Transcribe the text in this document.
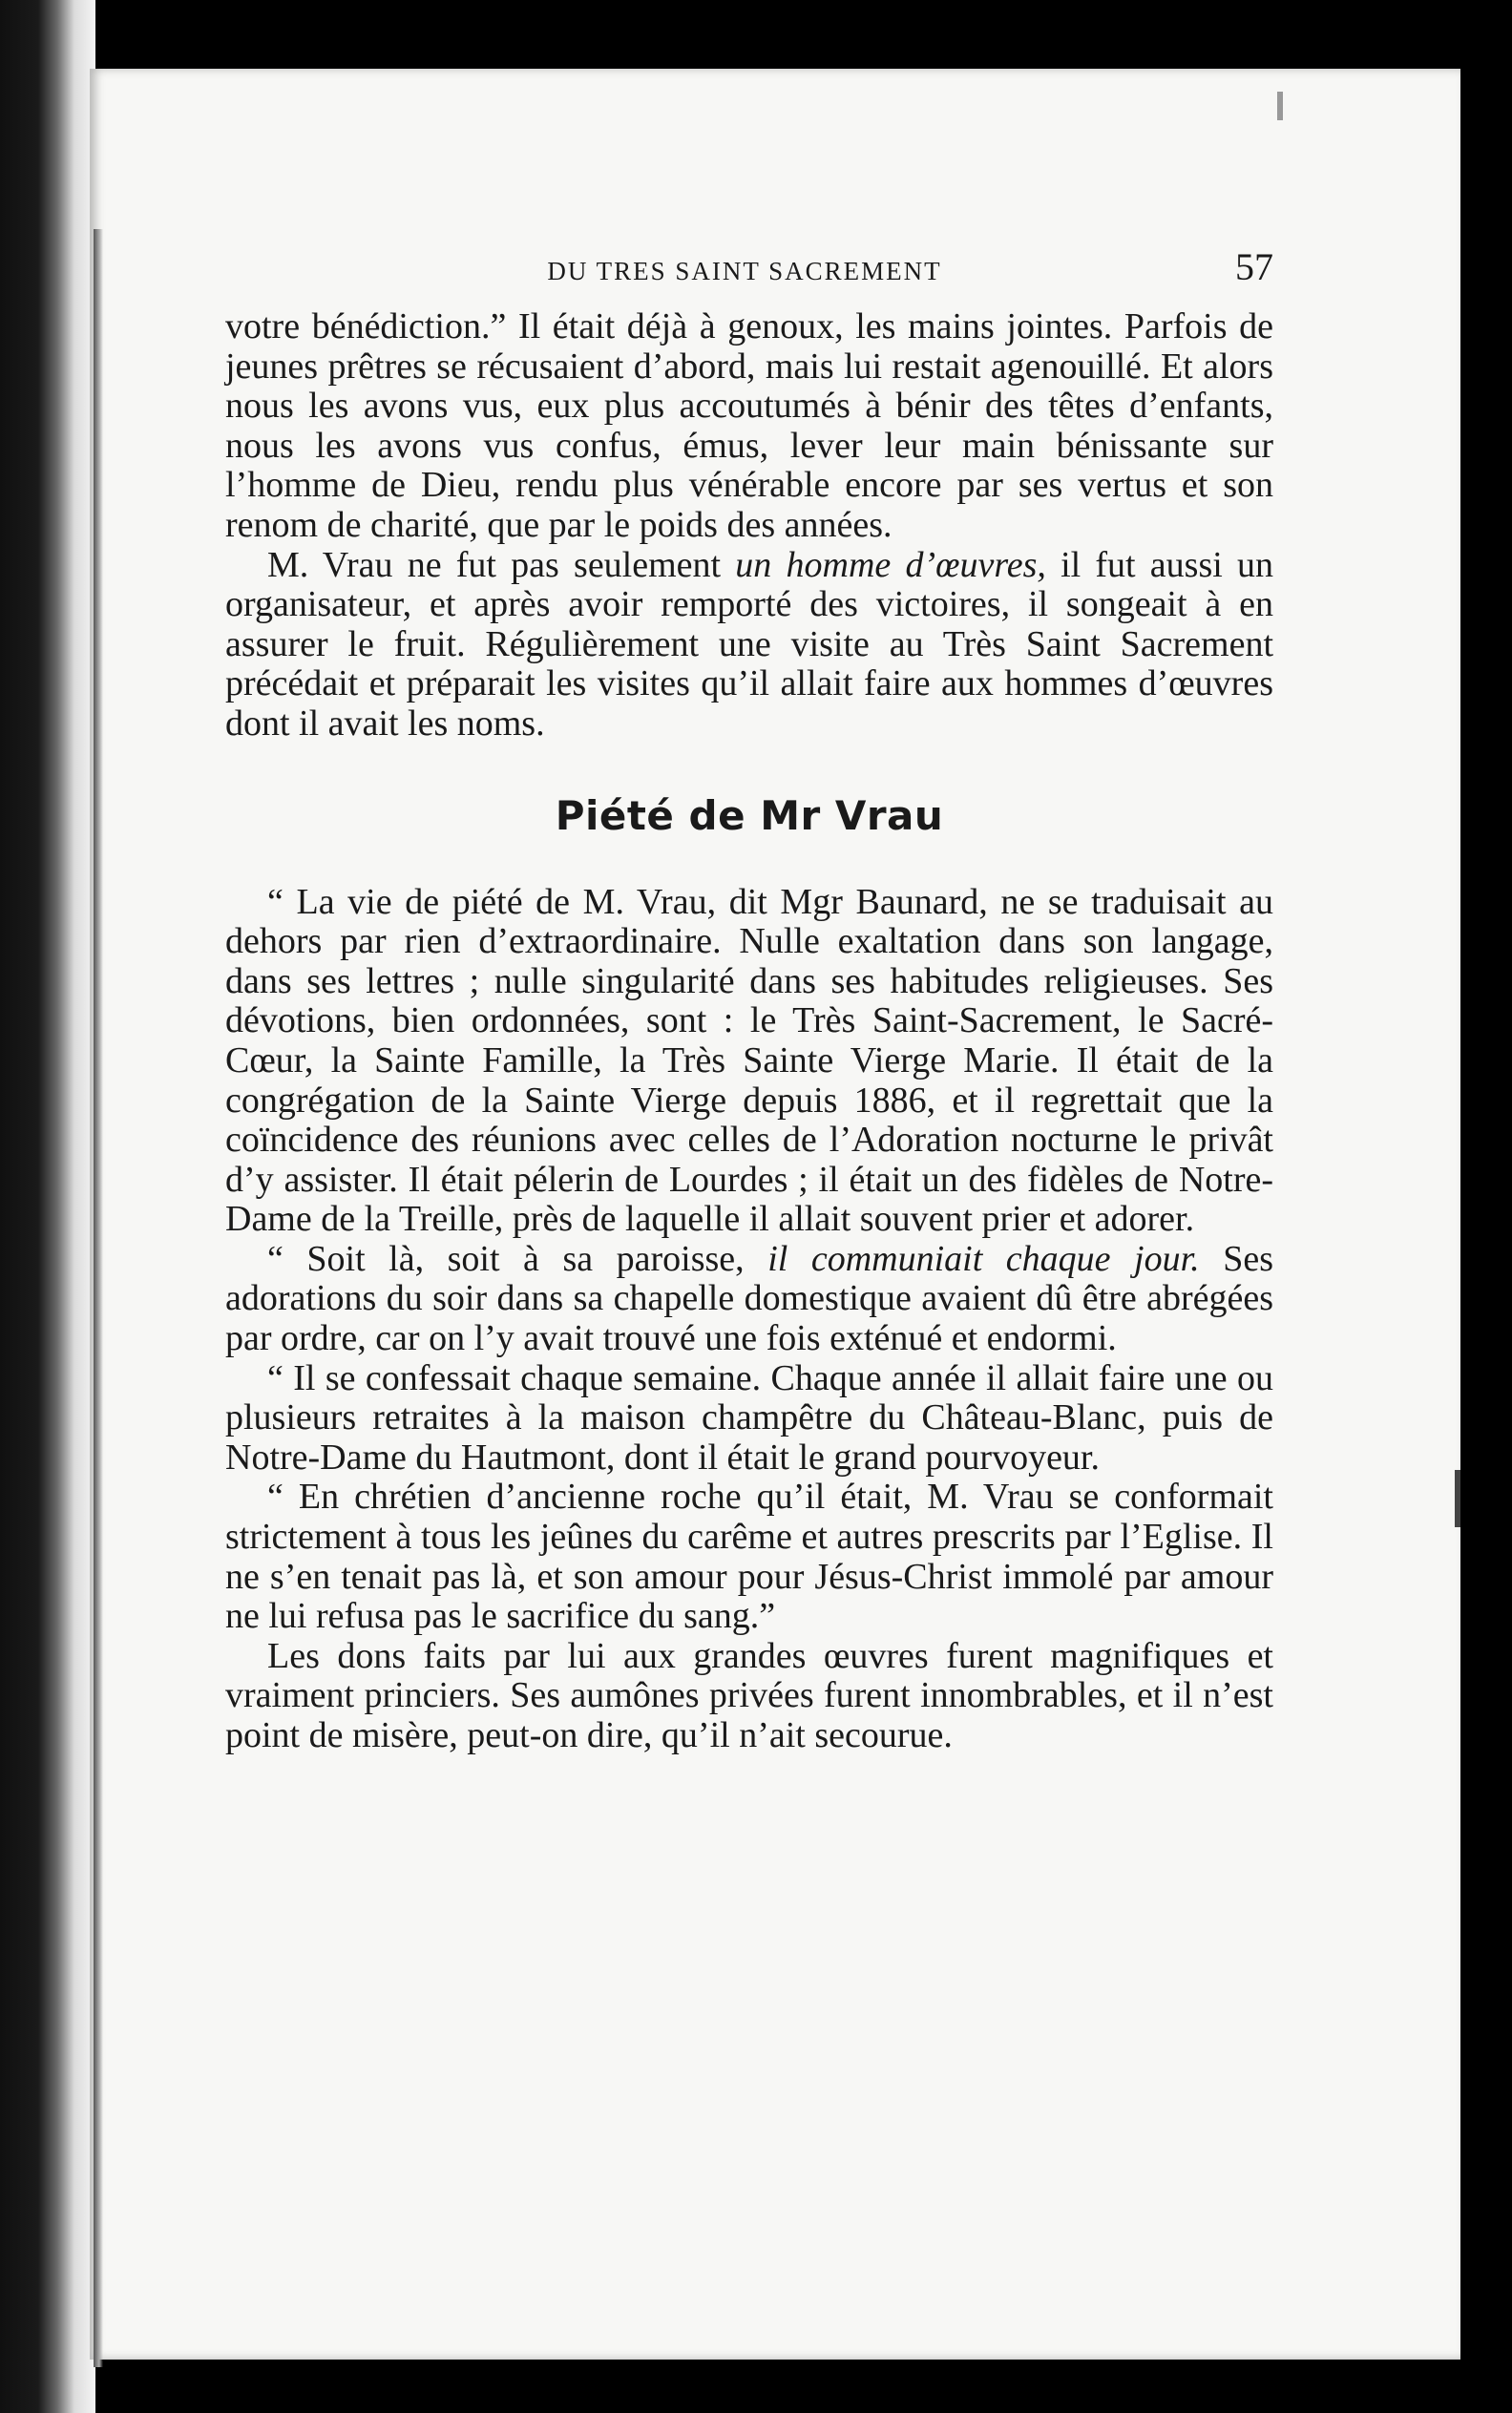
DU TRES SAINT SACREMENT	57

votre bénédiction.” Il était déjà à genoux, les mains jointes. Parfois de jeunes prêtres se récusaient d’abord, mais lui restait agenouillé. Et alors nous les avons vus, eux plus accoutumés à bénir des têtes d’enfants, nous les avons vus confus, émus, lever leur main bénissante sur l’homme de Dieu, rendu plus vénérable encore par ses vertus et son renom de charité, que par le poids des années.

M. Vrau ne fut pas seulement un homme d’œuvres, il fut aussi un organisateur, et après avoir remporté des victoires, il songeait à en assurer le fruit. Régulièrement une visite au Très Saint Sacrement précédait et préparait les visites qu’il allait faire aux hommes d’œuvres dont il avait les noms.

Piété de Mr Vrau

“ La vie de piété de M. Vrau, dit Mgr Baunard, ne se traduisait au dehors par rien d’extraordinaire. Nulle exaltation dans son langage, dans ses lettres ; nulle singularité dans ses habitudes religieuses. Ses dévotions, bien ordonnées, sont : le Très Saint-Sacrement, le Sacré-Cœur, la Sainte Famille, la Très Sainte Vierge Marie. Il était de la congrégation de la Sainte Vierge depuis 1886, et il regrettait que la coïncidence des réunions avec celles de l’Adoration nocturne le privât d’y assister. Il était pélerin de Lourdes ; il était un des fidèles de Notre-Dame de la Treille, près de laquelle il allait souvent prier et adorer.

“ Soit là, soit à sa paroisse, il communiait chaque jour. Ses adorations du soir dans sa chapelle domestique avaient dû être abrégées par ordre, car on l’y avait trouvé une fois exténué et endormi.

“ Il se confessait chaque semaine. Chaque année il allait faire une ou plusieurs retraites à la maison champêtre du Château-Blanc, puis de Notre-Dame du Hautmont, dont il était le grand pourvoyeur.

“ En chrétien d’ancienne roche qu’il était, M. Vrau se conformait strictement à tous les jeûnes du carême et autres prescrits par l’Eglise. Il ne s’en tenait pas là, et son amour pour Jésus-Christ immolé par amour ne lui refusa pas le sacrifice du sang.”

Les dons faits par lui aux grandes œuvres furent magnifiques et vraiment princiers. Ses aumônes privées furent innombrables, et il n’est point de misère, peut-on dire, qu’il n’ait secourue.
